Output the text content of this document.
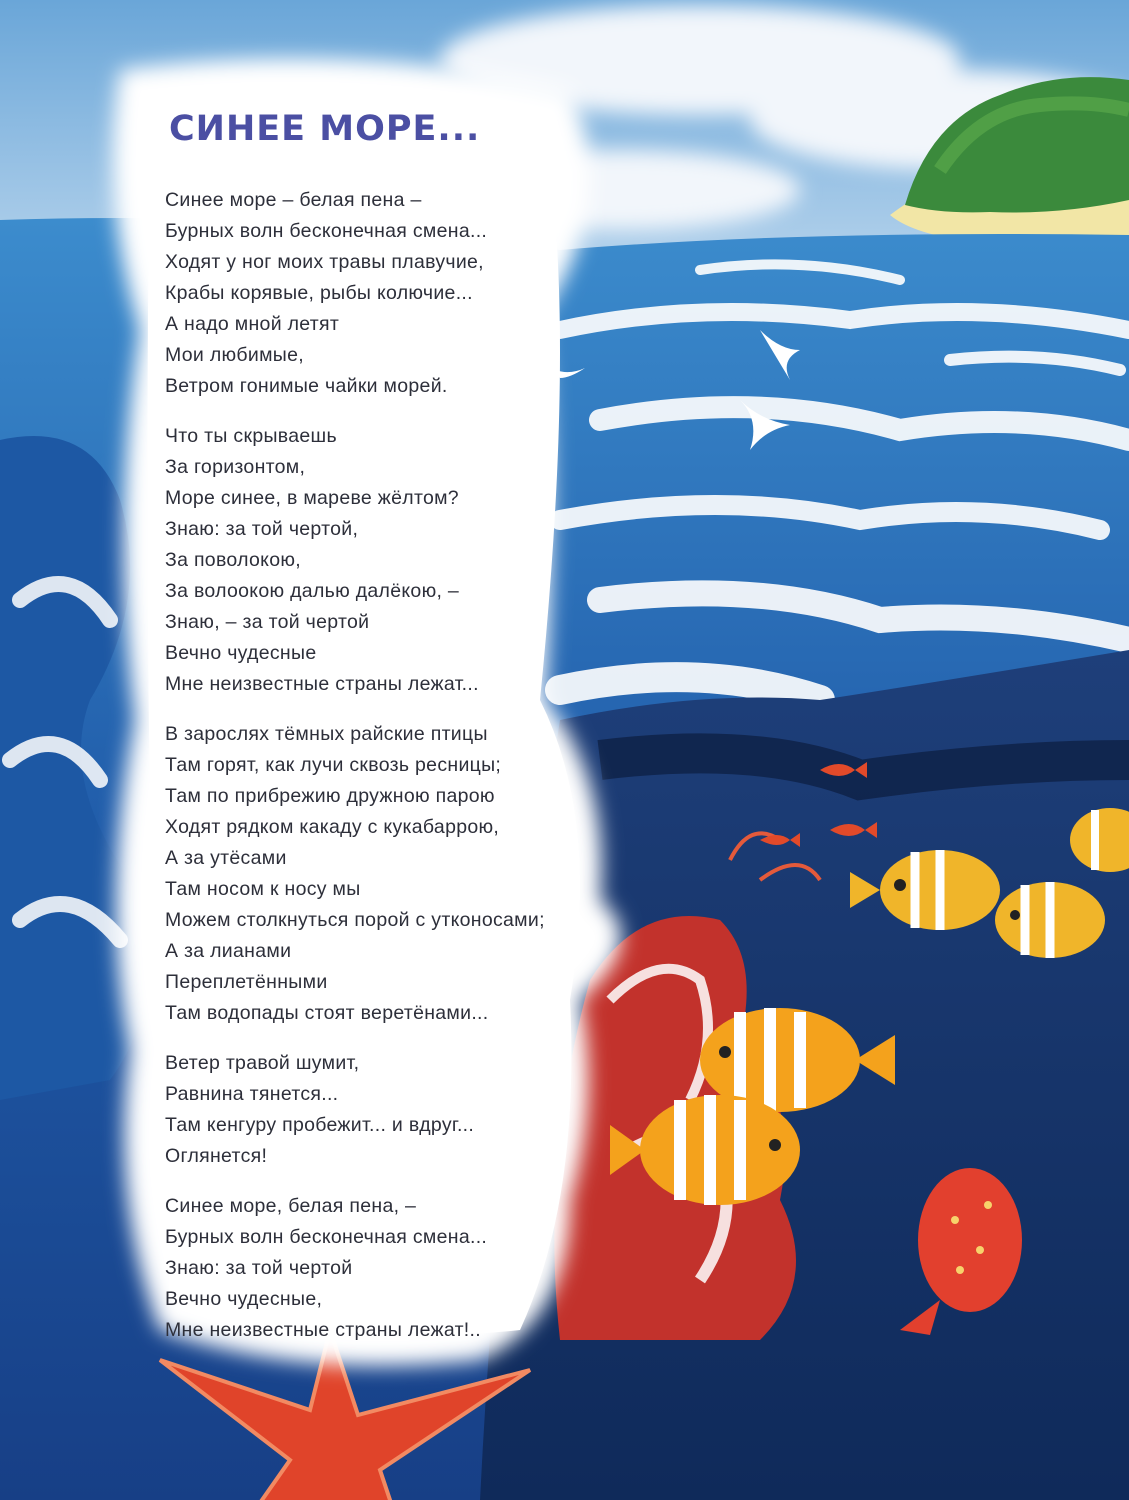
СИНЕЕ МОРЕ...
Синее море – белая пена –
Бурных волн бесконечная смена...
Ходят у ног моих травы плавучие,
Крабы корявые, рыбы колючие...
А надо мной летят
Мои любимые,
Ветром гонимые чайки морей.
Что ты скрываешь
За горизонтом,
Море синее, в мареве жёлтом?
Знаю: за той чертой,
За поволокою,
За волоокою далью далёкою, –
Знаю, – за той чертой
Вечно чудесные
Мне неизвестные страны лежат...
В зарослях тёмных райские птицы
Там горят, как лучи сквозь ресницы;
Там по прибрежию дружною парою
Ходят рядком какаду с кукабаррою,
А за утёсами
Там носом к носу мы
Можем столкнуться порой с утконосами;
А за лианами
Переплетёнными
Там водопады стоят веретёнами...
Ветер травой шумит,
Равнина тянется...
Там кенгуру пробежит... и вдруг...
Оглянется!
Синее море, белая пена, –
Бурных волн бесконечная смена...
Знаю: за той чертой
Вечно чудесные,
Мне неизвестные страны лежат!..
